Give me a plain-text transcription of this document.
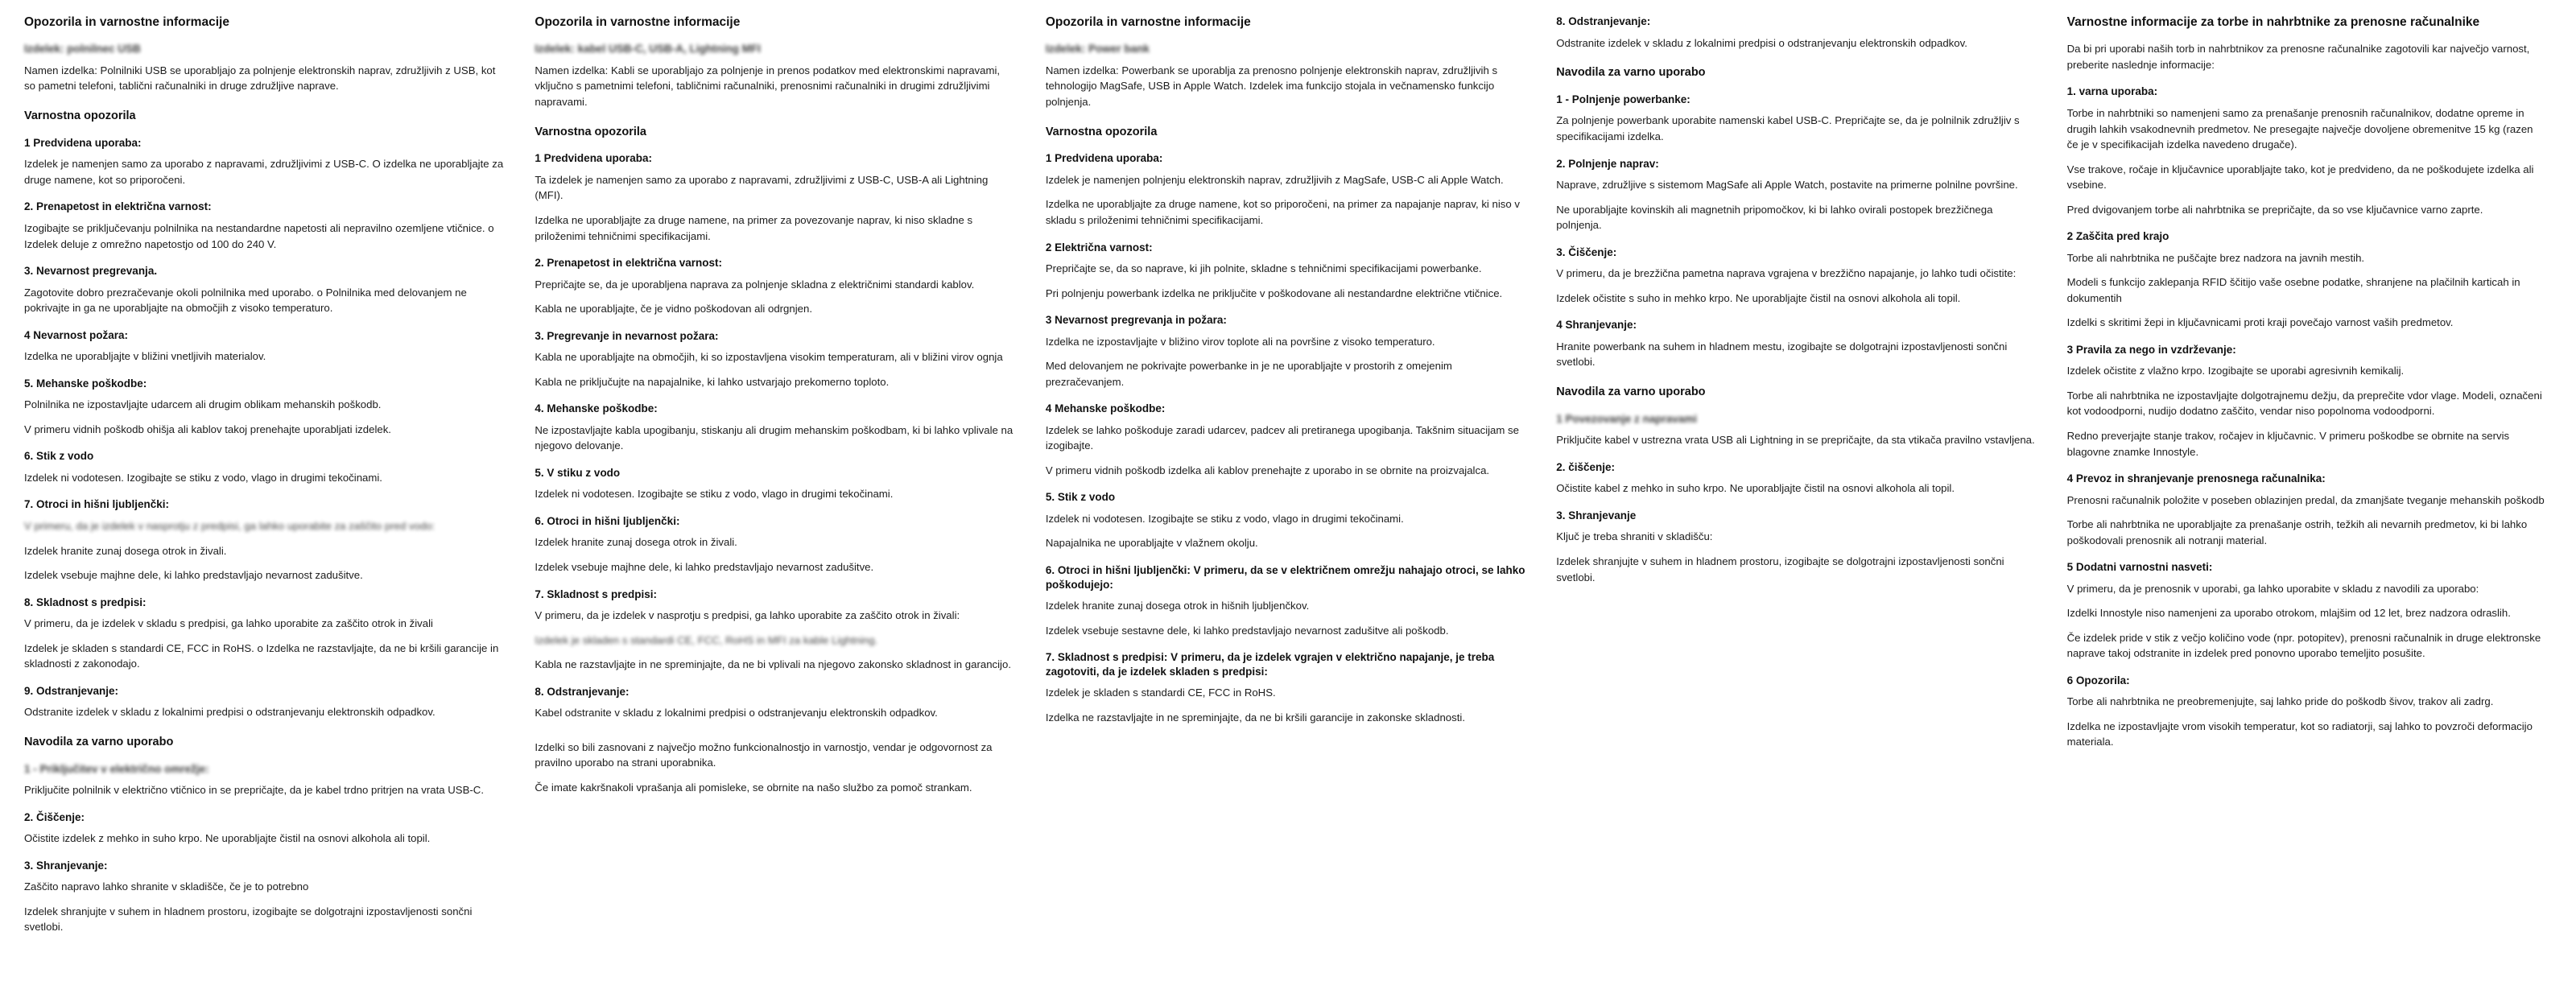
Opozorila in varnostne informacije
Izdelek: polnilnec USB

Namen izdelka: Polnilniki USB se uporabljajo za polnjenje elektronskih naprav, združljivih z USB, kot so pametni telefoni, tablični računalniki in druge združljive naprave.

Varnostna opozorila
1 Predvidena uporaba:

Izdelek je namenjen samo za uporabo z napravami, združljivimi z USB-C. O izdelka ne uporabljajte za druge namene, kot so priporočeni.

2. Prenapetost in električna varnost:

Izogibajte se priključevanju polnilnika na nestandardne napetosti ali nepravilno ozemljene vtičnice. o Izdelek deluje z omrežno napetostjo od 100 do 240 V.

3. Nevarnost pregrevanja.

Zagotovite dobro prezračevanje okoli polnilnika med uporabo. o Polnilnika med delovanjem ne pokrivajte in ga ne uporabljajte na območjih z visoko temperaturo.

4 Nevarnost požara:

Izdelka ne uporabljajte v bližini vnetljivih materialov.

5. Mehanske poškodbe:

Polnilnika ne izpostavljajte udarcem ali drugim oblikam mehanskih poškodb.

V primeru vidnih poškodb ohišja ali kablov takoj prenehajte uporabljati izdelek.

6. Stik z vodo

Izdelek ni vodotesen. Izogibajte se stiku z vodo, vlago in drugimi tekočinami.

7. Otroci in hišni ljubljenčki:

V primeru, da je izdelek v nasprotju z predpisi, ga lahko uporabite za zaščito pred vodo:

Izdelek hranite zunaj dosega otrok in živali.

Izdelek vsebuje majhne dele, ki lahko predstavljajo nevarnost zadušitve.

8. Skladnost s predpisi:

V primeru, da je izdelek v skladu s predpisi, ga lahko uporabite za zaščito otrok in živali

Izdelek je skladen s standardi CE, FCC in RoHS. o Izdelka ne razstavljajte, da ne bi kršili garancije in skladnosti z zakonodajo.

9. Odstranjevanje:

Odstranite izdelek v skladu z lokalnimi predpisi o odstranjevanju elektronskih odpadkov.

Navodila za varno uporabo
1 - Priključitev v električno omrežje:

Priključite polnilnik v električno vtičnico in se prepričajte, da je kabel trdno pritrjen na vrata USB-C.

2. Čiščenje:

Očistite izdelek z mehko in suho krpo. Ne uporabljajte čistil na osnovi alkohola ali topil.

3. Shranjevanje:

Zaščito napravo lahko shranite v skladišče, če je to potrebno

Izdelek shranjujte v suhem in hladnem prostoru, izogibajte se dolgotrajni izpostavljenosti sončni svetlobi.

Opozorila in varnostne informacije
Izdelek: kabel USB-C, USB-A, Lightning MFI

Namen izdelka: Kabli se uporabljajo za polnjenje in prenos podatkov med elektronskimi napravami, vključno s pametnimi telefoni, tabličnimi računalniki, prenosnimi računalniki in drugimi združljivimi napravami.

Varnostna opozorila
1 Predvidena uporaba:

Ta izdelek je namenjen samo za uporabo z napravami, združljivimi z USB-C, USB-A ali Lightning (MFI).

Izdelka ne uporabljajte za druge namene, na primer za povezovanje naprav, ki niso skladne s priloženimi tehničnimi specifikacijami.

2. Prenapetost in električna varnost:

Prepričajte se, da je uporabljena naprava za polnjenje skladna z električnimi standardi kablov.

Kabla ne uporabljajte, če je vidno poškodovan ali odrgnjen.

3. Pregrevanje in nevarnost požara:

Kabla ne uporabljajte na območjih, ki so izpostavljena visokim temperaturam, ali v bližini virov ognja

Kabla ne priključujte na napajalnike, ki lahko ustvarjajo prekomerno toploto.

4. Mehanske poškodbe:

Ne izpostavljajte kabla upogibanju, stiskanju ali drugim mehanskim poškodbam, ki bi lahko vplivale na njegovo delovanje.

5. V stiku z vodo

Izdelek ni vodotesen. Izogibajte se stiku z vodo, vlago in drugimi tekočinami.

6. Otroci in hišni ljubljenčki:

Izdelek hranite zunaj dosega otrok in živali.

Izdelek vsebuje majhne dele, ki lahko predstavljajo nevarnost zadušitve.

7. Skladnost s predpisi:

V primeru, da je izdelek v nasprotju s predpisi, ga lahko uporabite za zaščito otrok in živali:

Izdelek je skladen s standardi CE, FCC, RoHS in MFI za kable Lightning.

Kabla ne razstavljajte in ne spreminjajte, da ne bi vplivali na njegovo zakonsko skladnost in garancijo.

8. Odstranjevanje:

Kabel odstranite v skladu z lokalnimi predpisi o odstranjevanju elektronskih odpadkov.

Izdelki so bili zasnovani z največjo možno funkcionalnostjo in varnostjo, vendar je odgovornost za pravilno uporabo na strani uporabnika.

Če imate kakršnakoli vprašanja ali pomislekе, se obrnite na našo službo za pomoč strankam.

Opozorila in varnostne informacije
Izdelek: Power bank

Namen izdelka: Powerbank se uporablja za prenosno polnjenje elektronskih naprav, združljivih s tehnologijo MagSafe, USB in Apple Watch. Izdelek ima funkcijo stojala in večnamensko funkcijo polnjenja.

Varnostna opozorila
1 Predvidena uporaba:

Izdelek je namenjen polnjenju elektronskih naprav, združljivih z MagSafe, USB-C ali Apple Watch.

Izdelka ne uporabljajte za druge namene, kot so priporočeni, na primer za napajanje naprav, ki niso v skladu s priloženimi tehničnimi specifikacijami.

2 Električna varnost:

Prepričajte se, da so naprave, ki jih polnite, skladne s tehničnimi specifikacijami powerbanke.

Pri polnjenju powerbank izdelka ne priključite v poškodovane ali nestandardne električne vtičnice.

3 Nevarnost pregrevanja in požara:

Izdelka ne izpostavljajte v bližino virov toplote ali na površine z visoko temperaturo.

Med delovanjem ne pokrivajte powerbanke in je ne uporabljajte v prostorih z omejenim prezračevanjem.

4 Mehanske poškodbe:

Izdelek se lahko poškoduje zaradi udarcev, padcev ali pretiranega upogibanja. Takšnim situacijam se izogibajte.

V primeru vidnih poškodb izdelka ali kablov prenehajte z uporabo in se obrnite na proizvajalca.

5. Stik z vodo

Izdelek ni vodotesen. Izogibajte se stiku z vodo, vlago in drugimi tekočinami.

Napajalnika ne uporabljajte v vlažnem okolju.

6. Otroci in hišni ljubljenčki: V primeru, da se v električnem omrežju nahajajo otroci, se lahko poškodujejo:

Izdelek hranite zunaj dosega otrok in hišnih ljubljenčkov.

Izdelek vsebuje sestavne dele, ki lahko predstavljajo nevarnost zadušitve ali poškodb.

7. Skladnost s predpisi: V primeru, da je izdelek vgrajen v električno napajanje, je treba zagotoviti, da je izdelek skladen s predpisi:

Izdelek je skladen s standardi CE, FCC in RoHS.

Izdelka ne razstavljajte in ne spreminjajte, da ne bi kršili garancije in zakonske skladnosti.

8. Odstranjevanje:

Odstranite izdelek v skladu z lokalnimi predpisi o odstranjevanju elektronskih odpadkov.

Navodila za varno uporabo
1 - Polnjenje powerbanke:

Za polnjenje powerbank uporabite namenski kabel USB-C. Prepričajte se, da je polnilnik združljiv s specifikacijami izdelka.

2. Polnjenje naprav:

Naprave, združljive s sistemom MagSafe ali Apple Watch, postavite na primerne polnilne površine.

Ne uporabljajte kovinskih ali magnetnih pripomočkov, ki bi lahko ovirali postopek brezžičnega polnjenja.

3. Čiščenje:

V primeru, da je brezžična pametna naprava vgrajena v brezžično napajanje, jo lahko tudi očistite:

Izdelek očistite s suho in mehko krpo. Ne uporabljajte čistil na osnovi alkohola ali topil.

4 Shranjevanje:

Hranite powerbank na suhem in hladnem mestu, izogibajte se dolgotrajni izpostavljenosti sončni svetlobi.

Navodila za varno uporabo
1 Povezovanje z napravami

Priključite kabel v ustrezna vrata USB ali Lightning in se prepričajte, da sta vtikača pravilno vstavljena.

2. čiščenje:

Očistite kabel z mehko in suho krpo. Ne uporabljajte čistil na osnovi alkohola ali topil.

3. Shranjevanje

Ključ je treba shraniti v skladišču:

Izdelek shranjujte v suhem in hladnem prostoru, izogibajte se dolgotrajni izpostavljenosti sončni svetlobi.

Varnostne informacije za torbe in nahrbtnike za prenosne računalnike

Da bi pri uporabi naših torb in nahrbtnikov za prenosne računalnike zagotovili kar največjo varnost, preberite naslednje informacije:

1. varna uporaba:

Torbe in nahrbtniki so namenjeni samo za prenašanje prenosnih računalnikov, dodatne opreme in drugih lahkih vsakodnevnih predmetov. Ne presegajte največje dovoljene obremenitve 15 kg (razen če je v specifikacijah izdelka navedeno drugače).

Vse trakove, ročaje in ključavnice uporabljajte tako, kot je predvideno, da ne poškodujete izdelka ali vsebine.

Pred dvigovanjem torbe ali nahrbtnika se prepričajte, da so vse ključavnice varno zaprte.

2 Zaščita pred krajo

Torbe ali nahrbtnika ne puščajte brez nadzora na javnih mestih.

Modeli s funkcijo zaklepanja RFID ščitijo vaše osebne podatke, shranjene na plačilnih karticah in dokumentih

Izdelki s skritimi žepi in ključavnicami proti kraji povečajo varnost vaših predmetov.

3 Pravila za nego in vzdrževanje:

Izdelek očistite z vlažno krpo. Izogibajte se uporabi agresivnih kemikalij.

Torbe ali nahrbtnika ne izpostavljajte dolgotrajnemu dežju, da preprečite vdor vlage. Modeli, označeni kot vodoodporni, nudijo dodatno zaščito, vendar niso popolnoma vodoodporni.

Redno preverjajte stanje trakov, ročajev in ključavnic. V primeru poškodbe se obrnite na servis blagovne znamke Innostyle.

4 Prevoz in shranjevanje prenosnega računalnika:

Prenosni računalnik položite v poseben oblazinjen predal, da zmanjšate tveganje mehanskih poškodb

Torbe ali nahrbtnika ne uporabljajte za prenašanje ostrih, težkih ali nevarnih predmetov, ki bi lahko poškodovali prenosnik ali notranji material.

5 Dodatni varnostni nasveti:

V primeru, da je prenosnik v uporabi, ga lahko uporabite v skladu z navodili za uporabo:

Izdelki Innostyle niso namenjeni za uporabo otrokom, mlajšim od 12 let, brez nadzora odraslih.

Če izdelek pride v stik z večjo količino vode (npr. potopitev), prenosni računalnik in druge elektronske naprave takoj odstranite in izdelek pred ponovno uporabo temeljito posušite.

6 Opozorila:

Torbe ali nahrbtnika ne preobremenjujte, saj lahko pride do poškodb šivov, trakov ali zadrg.

Izdelka ne izpostavljajte vrom visokih temperatur, kot so radiatorji, saj lahko to povzroči deformacijo materiala.
